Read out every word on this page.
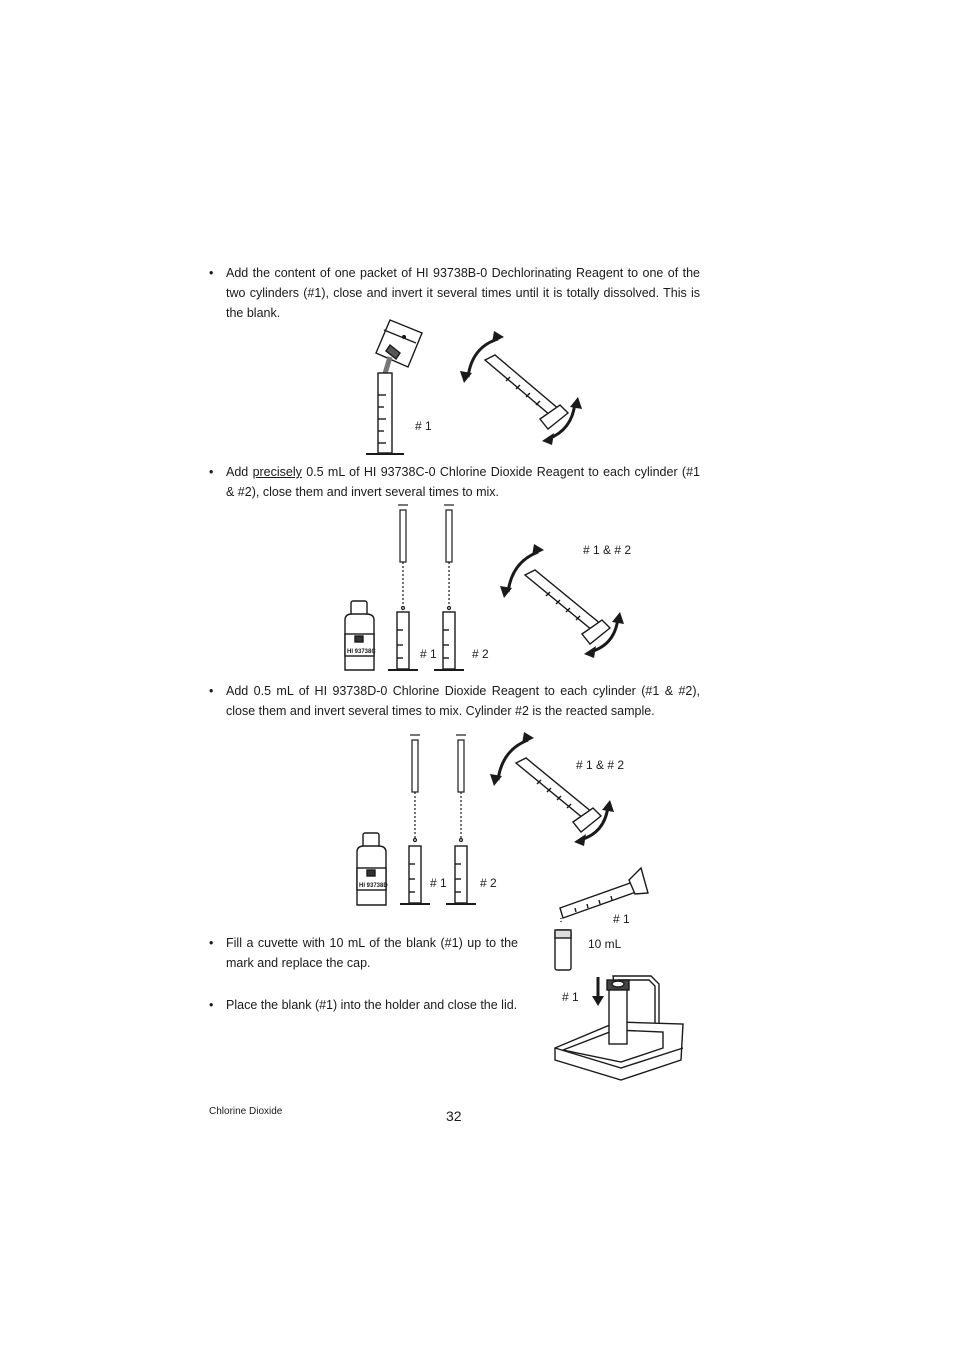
• Add the content of one packet of HI 93738B-0 Dechlorinating Reagent to one of the two cylinders (#1), close and invert it several times until it is totally dissolved. This is the blank.
# 1
• Add precisely 0.5 mL of HI 93738C-0 Chlorine Dioxide Reagent to each cylinder (#1 & #2), close them and invert several times to mix.
HI 93738C	# 1	# 2
# 1 & # 2
• Add 0.5 mL of HI 93738D-0 Chlorine Dioxide Reagent to each cylinder (#1 & #2), close them and invert several times to mix. Cylinder #2 is the reacted sample.
HI 93738D	# 1	# 2
# 1 & # 2
• Fill a cuvette with 10 mL of the blank (#1) up to the mark and replace the cap.
• Place the blank (#1) into the holder and close the lid.
# 1
10 mL
# 1
Chlorine Dioxide	32
